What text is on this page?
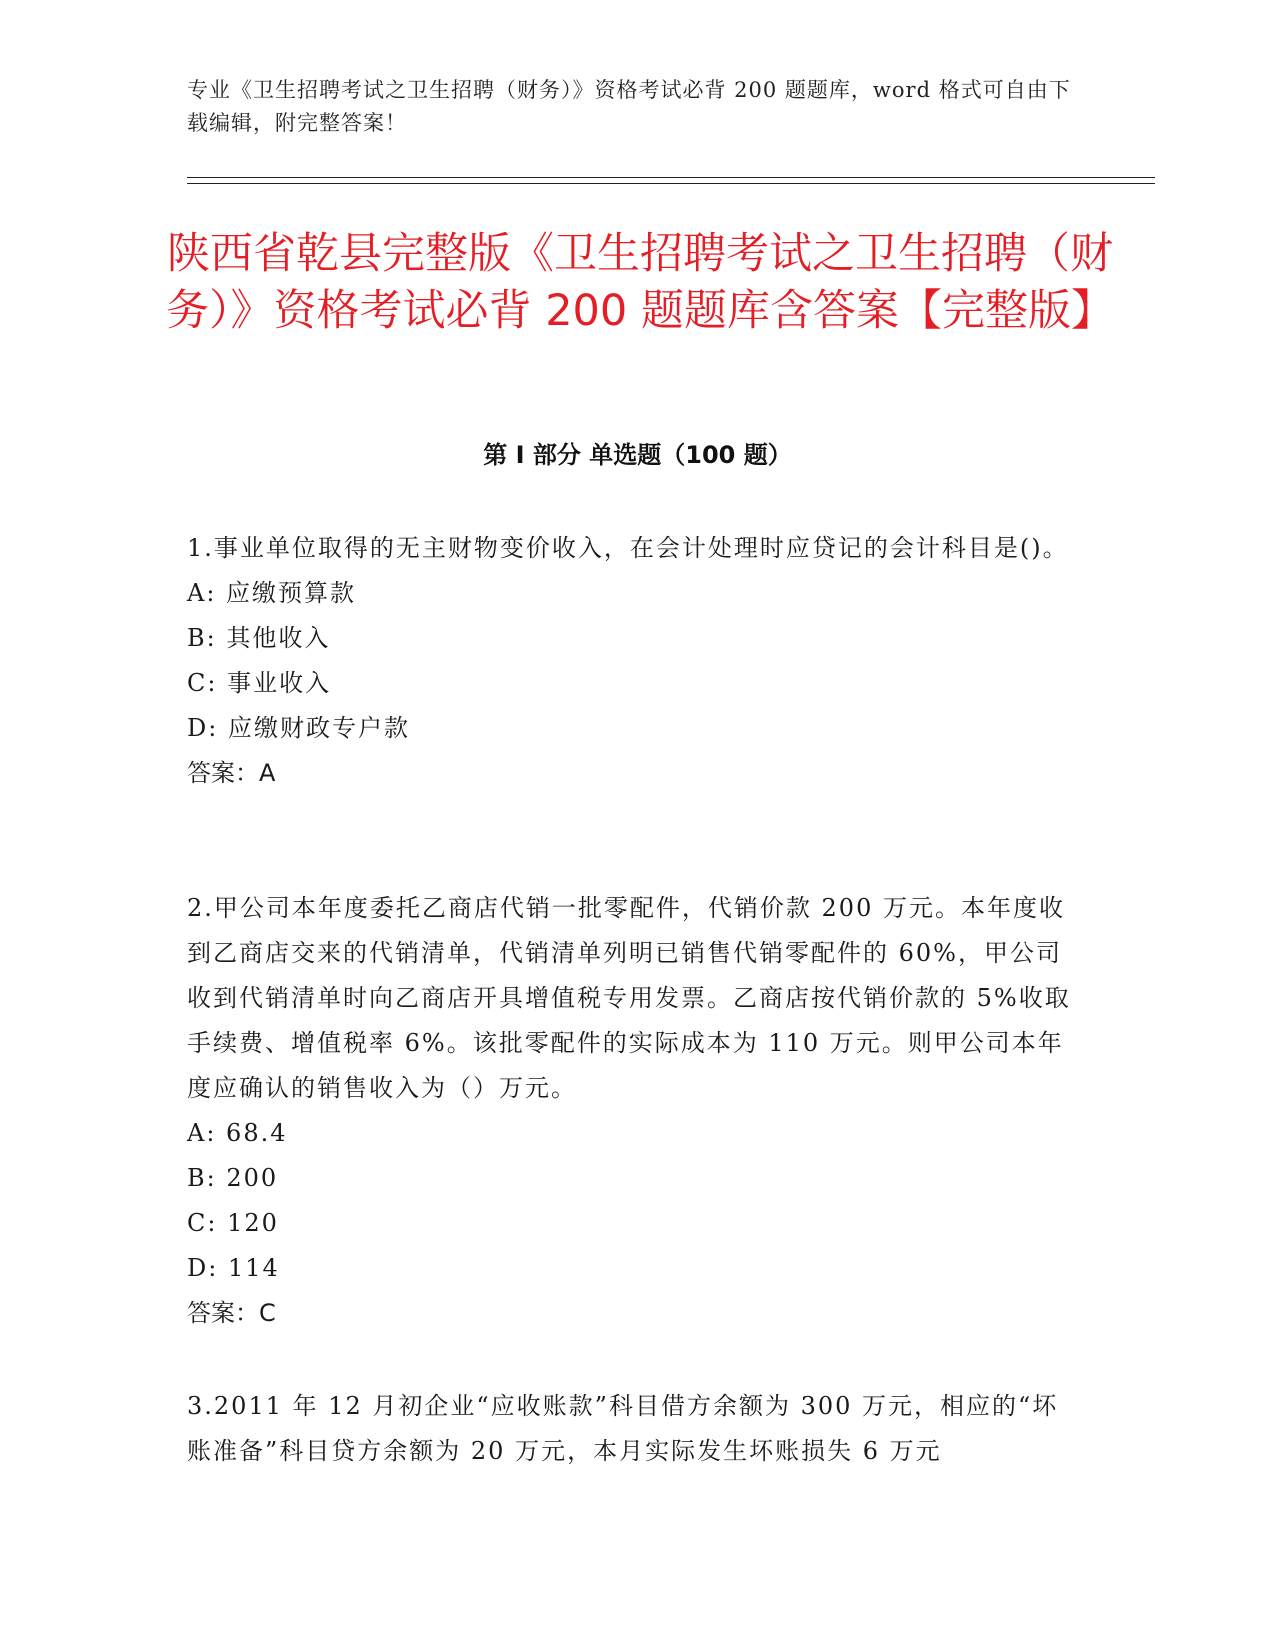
专业《卫生招聘考试之卫生招聘（财务）》资格考试必背 200 题题库，word 格式可自由下载编辑，附完整答案！
陕西省乾县完整版《卫生招聘考试之卫生招聘（财务）》资格考试必背 200 题题库含答案【完整版】
第 I 部分 单选题（100 题）

1.事业单位取得的无主财物变价收入，在会计处理时应贷记的会计科目是()。

A: 应缴预算款

B: 其他收入

C: 事业收入

D: 应缴财政专户款

答案：A

2.甲公司本年度委托乙商店代销一批零配件，代销价款 200 万元。本年度收到乙商店交来的代销清单，代销清单列明已销售代销零配件的 60%，甲公司收到代销清单时向乙商店开具增值税专用发票。乙商店按代销价款的 5%收取手续费、增值税率 6%。该批零配件的实际成本为 110 万元。则甲公司本年度应确认的销售收入为（）万元。

A: 68.4

B: 200

C: 120

D: 114

答案：C

3.2011 年 12 月初企业“应收账款”科目借方余额为 300 万元，相应的“坏账准备”科目贷方余额为 20 万元，本月实际发生坏账损失 6 万元
